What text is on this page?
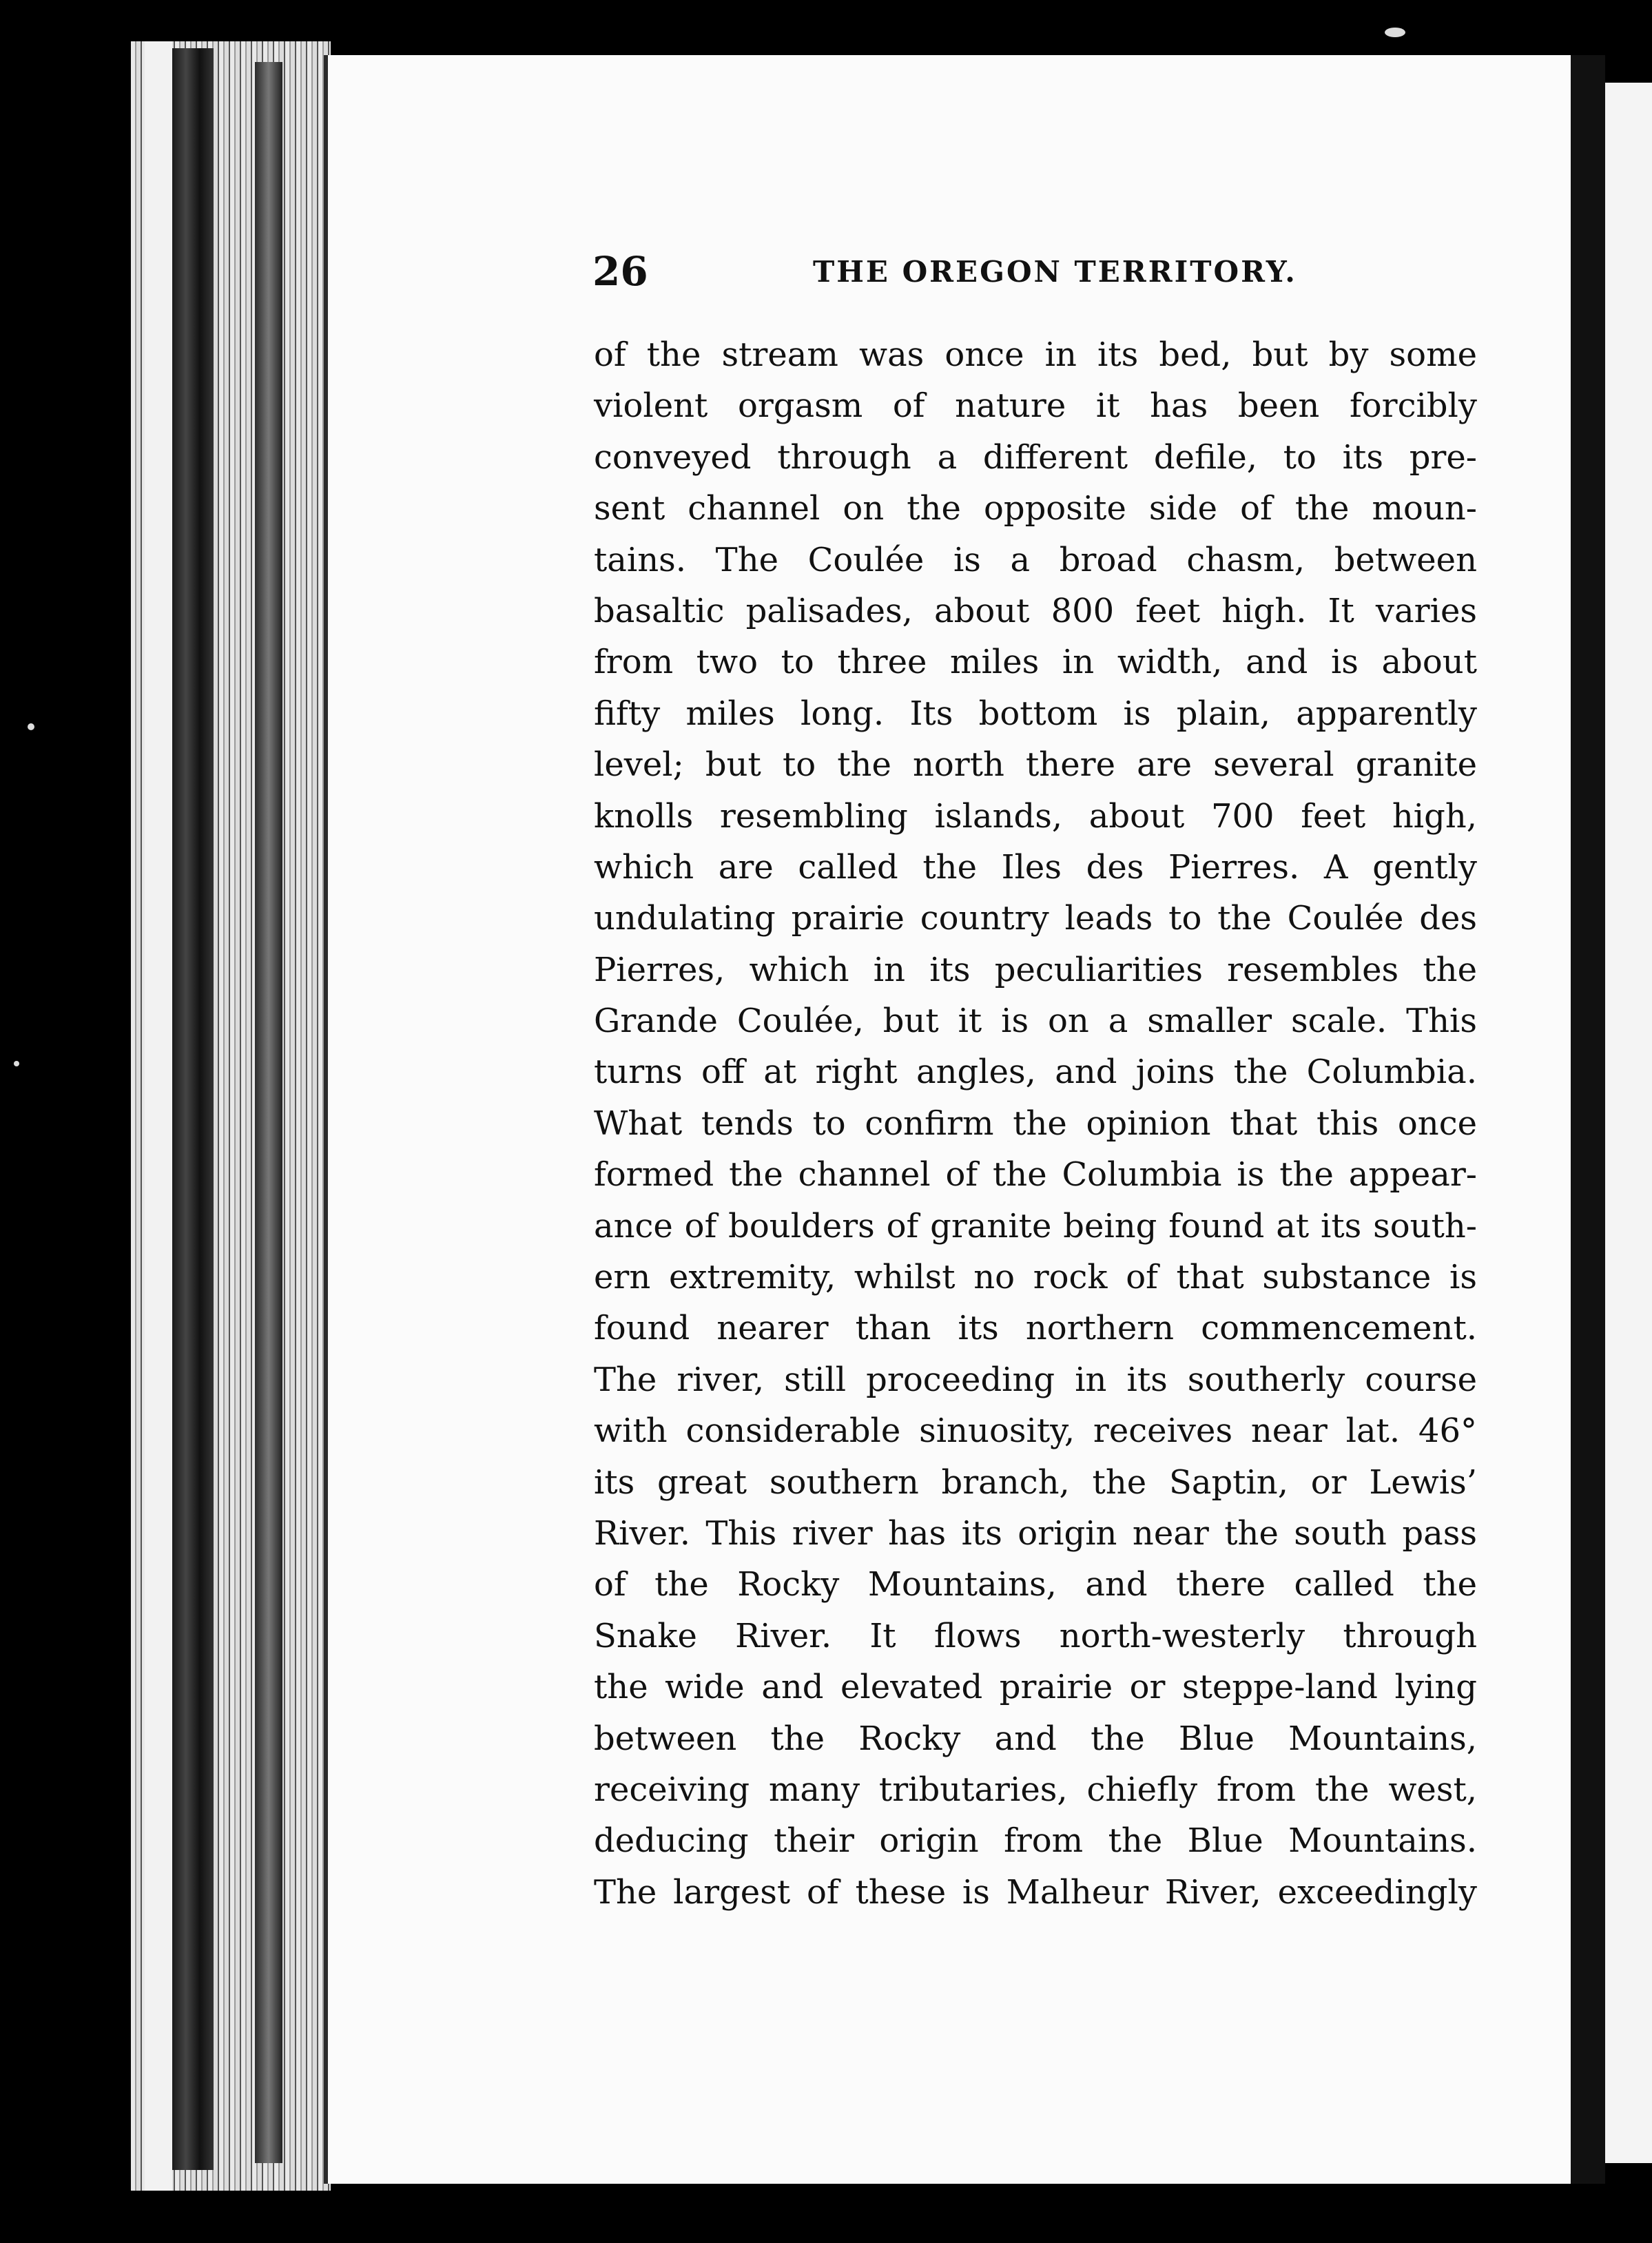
26	THE OREGON TERRITORY.
of the stream was once in its bed, but by some
violent orgasm of nature it has been forcibly
conveyed through a different defile, to its pre-
sent channel on the opposite side of the moun-
tains. The Coulée is a broad chasm, between
basaltic palisades, about 800 feet high. It varies
from two to three miles in width, and is about
fifty miles long. Its bottom is plain, apparently
level; but to the north there are several granite
knolls resembling islands, about 700 feet high,
which are called the Iles des Pierres. A gently
undulating prairie country leads to the Coulée des
Pierres, which in its peculiarities resembles the
Grande Coulée, but it is on a smaller scale. This
turns off at right angles, and joins the Columbia.
What tends to confirm the opinion that this once
formed the channel of the Columbia is the appear-
ance of boulders of granite being found at its south-
ern extremity, whilst no rock of that substance is
found nearer than its northern commencement.
The river, still proceeding in its southerly course
with considerable sinuosity, receives near lat. 46°
its great southern branch, the Saptin, or Lewis’
River. This river has its origin near the south pass
of the Rocky Mountains, and there called the
Snake River. It flows north-westerly through
the wide and elevated prairie or steppe-land lying
between the Rocky and the Blue Mountains,
receiving many tributaries, chiefly from the west,
deducing their origin from the Blue Mountains.
The largest of these is Malheur River, exceedingly
